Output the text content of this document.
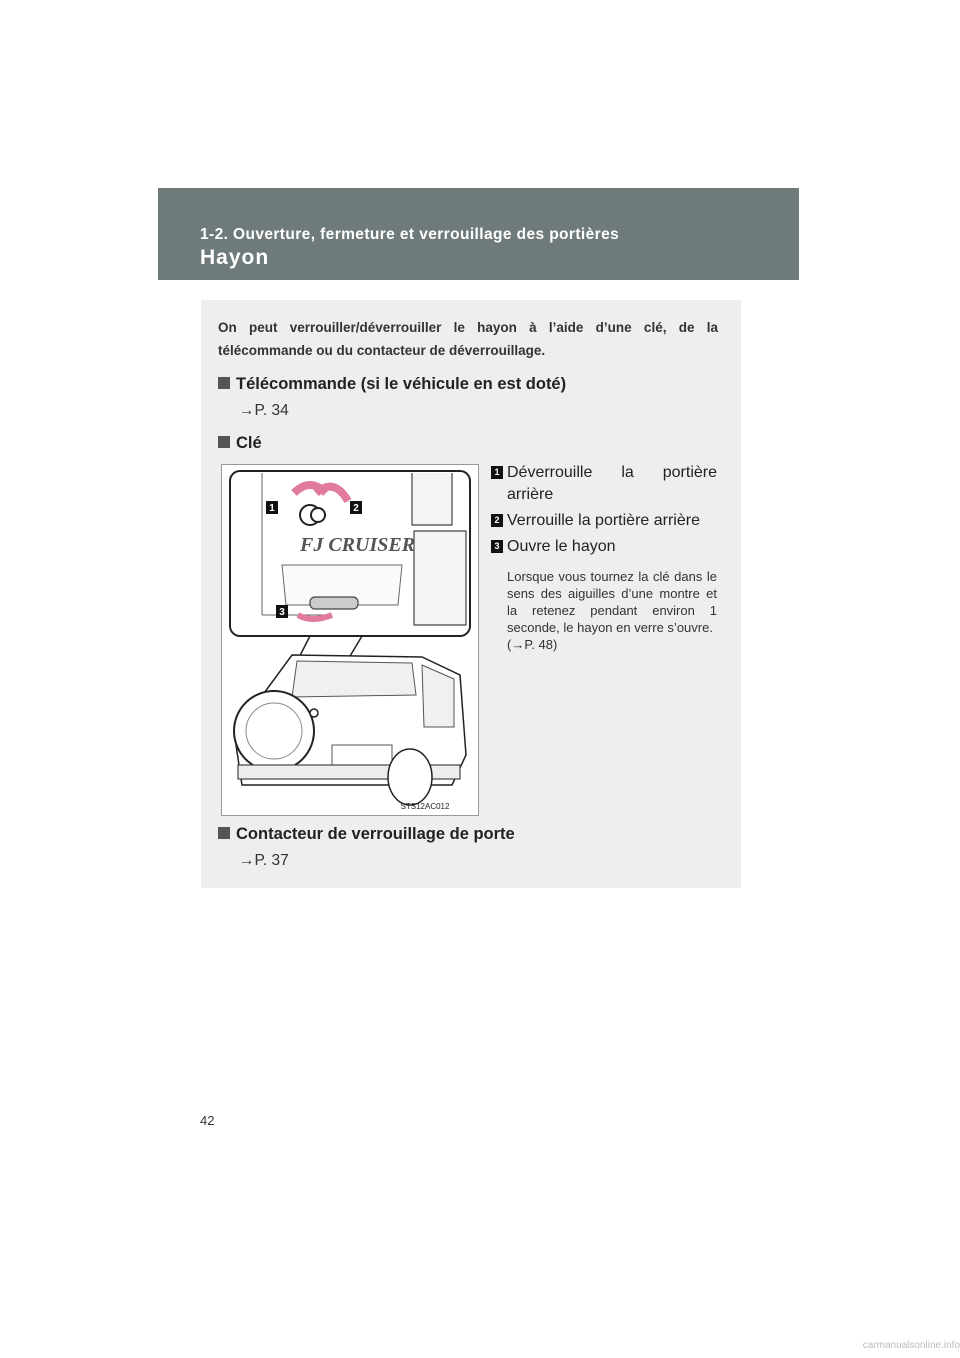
1-2. Ouverture, fermeture et verrouillage des portières
Hayon
On peut verrouiller/déverrouiller le hayon à l’aide d’une clé, de la télécommande ou du contacteur de déverrouillage.
Télécommande (si le véhicule en est doté)
→P. 34
Clé
FJ CRUISER
1	2
3
STS12AC012
1 Déverrouille la portière arrière
2 Verrouille la portière arrière
3 Ouvre le hayon
Lorsque vous tournez la clé dans le sens des aiguilles d’une montre et la retenez pendant environ 1 seconde, le hayon en verre s’ouvre.
(→P. 48)
Contacteur de verrouillage de porte
→P. 37
42
carmanualsonline.info
